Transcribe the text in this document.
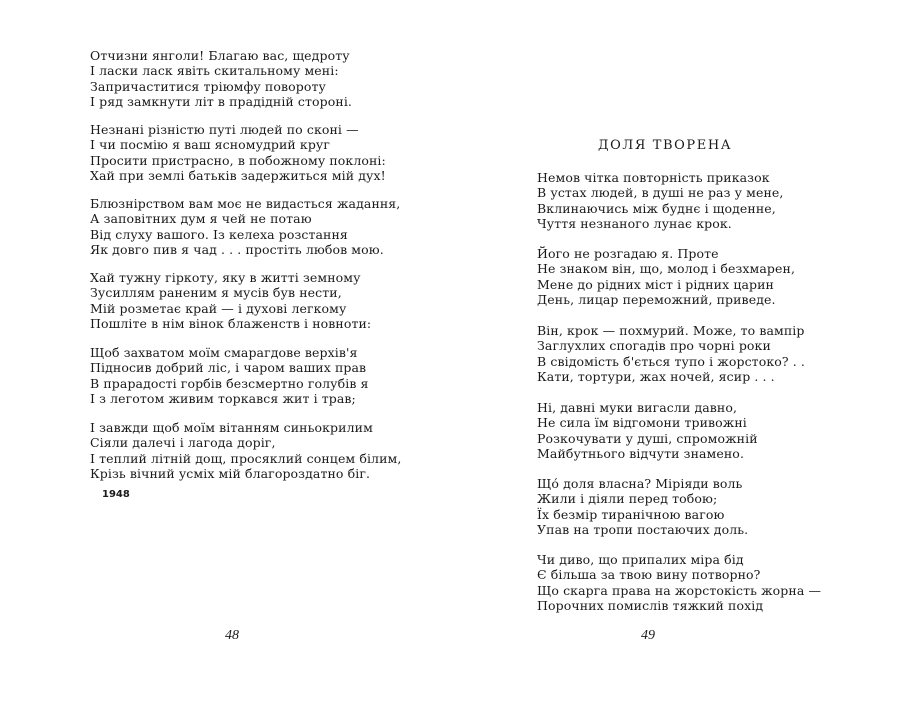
Отчизни янголи! Благаю вас, щедроту
І ласки ласк явіть скитальному мені:
Запричаститися тріюмфу повороту
І ряд замкнути літ в прадідній стороні.
Незнані різністю путі людей по сконі —
І чи посмію я ваш ясномудрий круг
Просити пристрасно, в побожному поклоні:
Хай при землі батьків задержиться мій дух!
Блюзнірством вам моє не видасться жадання,
А заповітних дум я чей не потаю
Від слуху вашого. Із келеха розстання
Як довго пив я чад . . . простіть любов мою.
Хай тужну гіркоту, яку в житті земному
Зусиллям раненим я мусів був нести,
Мій розметає край — і духові легкому
Пошліте в нім вінок блаженств і новноти:
Щоб захватом моїм смарагдове верхів'я
Підносив добрий ліс, і чаром ваших прав
В праpадості горбів безсмертно голубів я
І з леготом живим торкався жит і трав;
І завжди щоб моїм вітанням синьокрилим
Сіяли далечі і лагода доріг,
І теплий літній дощ, просяклий сонцем білим,
Крізь вічний усміх мій благороздатно біг.
1948
48
ДОЛЯ ТВОРЕНА
Немов чітка повторність приказок
В устах людей, в душі не раз у мене,
Вклинаючись між буднє і щоденне,
Чуття незнаного лунає крок.
Його не розгадаю я. Проте
Не знаком він, що, молод і безхмарен,
Мене до рідних міст і рідних царин
День, лицар переможний, приведе.
Він, крок — похмурий. Може, то вампір
Заглухлих спогадів про чорні роки
В свідомість б'ється тупо і жорстоко? . .
Кати, тортури, жах ночей, ясир . . .
Ні, давні муки вигасли давно,
Не сила їм відгомони тривожні
Розкочувати у душі, спроможній
Майбутнього відчути знамено.
Що́ доля власна? Міріяди воль
Жили і діяли перед тобою;
Їх безмір тиранічною вагою
Упав на тропи постаючих доль.
Чи диво, що припалих міра бід
Є більша за твою вину потворно?
Що скарга права на жорстокість жорна —
Порочних помислів тяжкий похід
49
